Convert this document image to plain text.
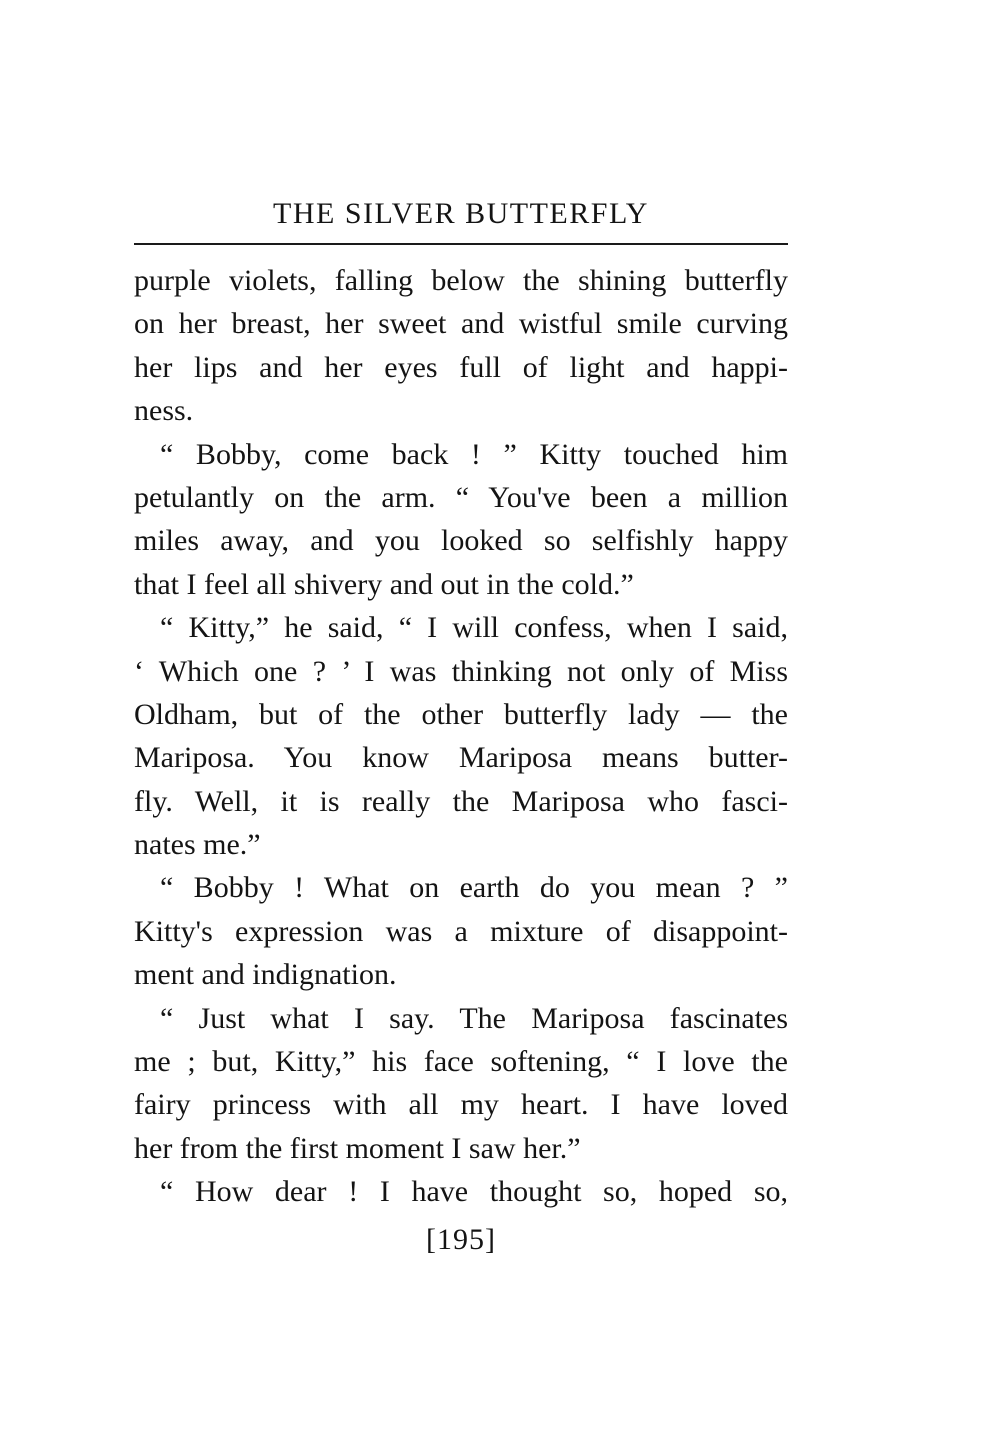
THE SILVER BUTTERFLY
purple violets, falling below the shining butterfly
on her breast, her sweet and wistful smile curving
her lips and her eyes full of light and happi-
ness.
“ Bobby, come back ! ” Kitty touched him
petulantly on the arm. “ You've been a million
miles away, and you looked so selfishly happy
that I feel all shivery and out in the cold.”
“ Kitty,” he said, “ I will confess, when I said,
‘ Which one ? ’ I was thinking not only of Miss
Oldham, but of the other butterfly lady — the
Mariposa. You know Mariposa means butter-
fly. Well, it is really the Mariposa who fasci-
nates me.”
“ Bobby ! What on earth do you mean ? ”
Kitty's expression was a mixture of disappoint-
ment and indignation.
“ Just what I say. The Mariposa fascinates
me ; but, Kitty,” his face softening, “ I love the
fairy princess with all my heart. I have loved
her from the first moment I saw her.”
“ How dear ! I have thought so, hoped so,
[195]
